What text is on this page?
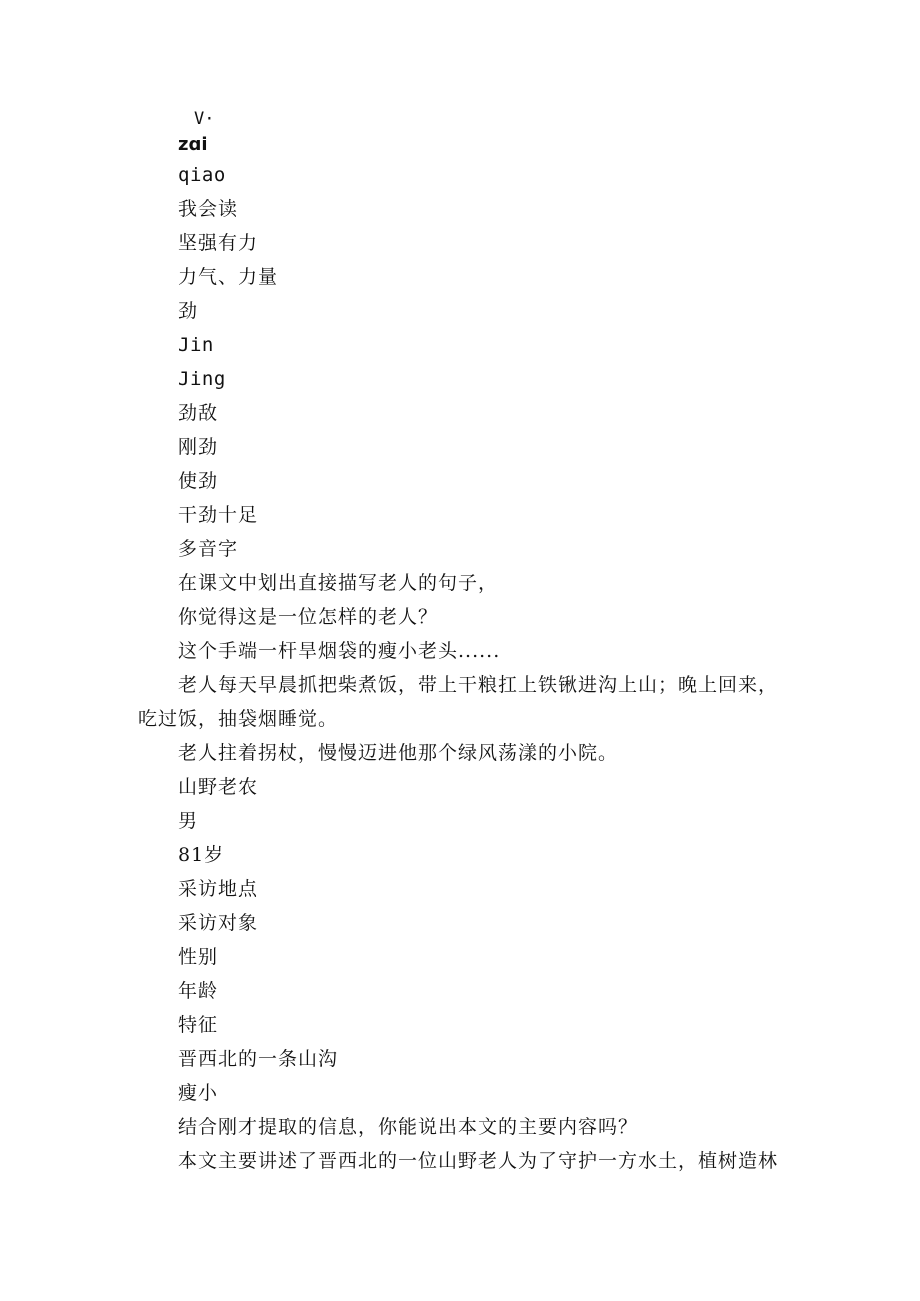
V·
zɑi
qiao
我会读
坚强有力
力气、力量
劲
Jin
Jing
劲敌
刚劲
使劲
干劲十足
多音字
在课文中划出直接描写老人的句子，
你觉得这是一位怎样的老人？
这个手端一杆旱烟袋的瘦小老头......
老人每天早晨抓把柴煮饭，带上干粮扛上铁锹进沟上山；晚上回来，
吃过饭，抽袋烟睡觉。
老人拄着拐杖，慢慢迈进他那个绿风荡漾的小院。
山野老农
男
81岁
采访地点
采访对象
性别
年龄
特征
晋西北的一条山沟
瘦小
结合刚才提取的信息，你能说出本文的主要内容吗？
本文主要讲述了晋西北的一位山野老人为了守护一方水土，植树造林
